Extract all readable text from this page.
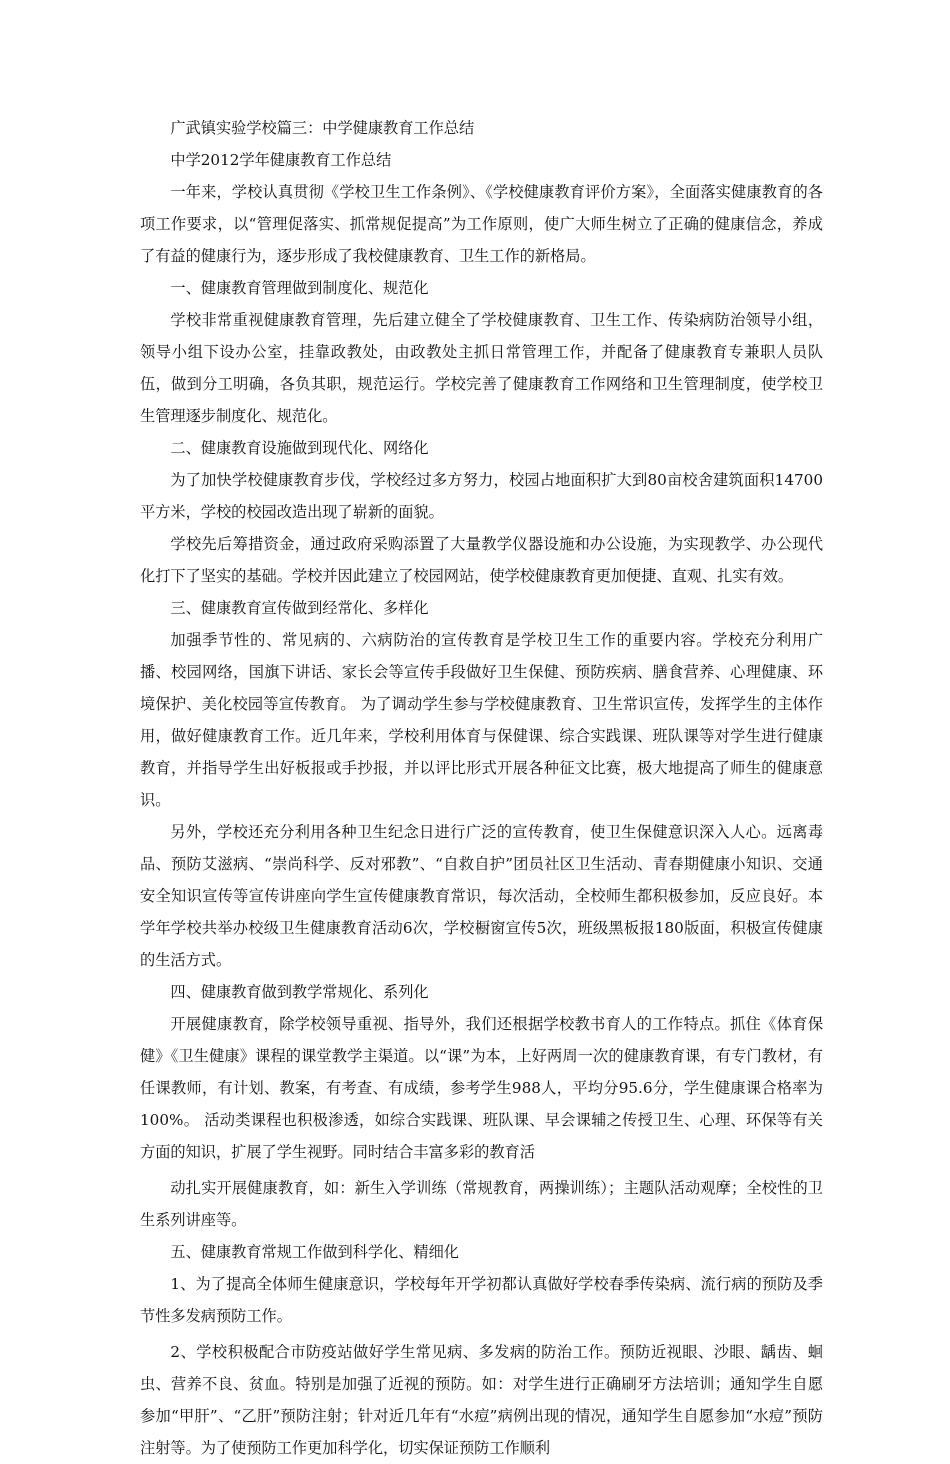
广武镇实验学校篇三：中学健康教育工作总结

中学2012学年健康教育工作总结

一年来，学校认真贯彻《学校卫生工作条例》、《学校健康教育评价方案》，全面落实健康教育的各项工作要求，以“管理促落实、抓常规促提高”为工作原则，使广大师生树立了正确的健康信念，养成了有益的健康行为，逐步形成了我校健康教育、卫生工作的新格局。

一、健康教育管理做到制度化、规范化

学校非常重视健康教育管理，先后建立健全了学校健康教育、卫生工作、传染病防治领导小组，领导小组下设办公室，挂靠政教处，由政教处主抓日常管理工作，并配备了健康教育专兼职人员队伍，做到分工明确，各负其职，规范运行。学校完善了健康教育工作网络和卫生管理制度，使学校卫生管理逐步制度化、规范化。

二、健康教育设施做到现代化、网络化

为了加快学校健康教育步伐，学校经过多方努力，校园占地面积扩大到80亩校舍建筑面积14700平方米，学校的校园改造出现了崭新的面貌。

学校先后筹措资金，通过政府采购添置了大量教学仪器设施和办公设施，为实现教学、办公现代化打下了坚实的基础。学校并因此建立了校园网站，使学校健康教育更加便捷、直观、扎实有效。

三、健康教育宣传做到经常化、多样化

加强季节性的、常见病的、六病防治的宣传教育是学校卫生工作的重要内容。学校充分利用广播、校园网络，国旗下讲话、家长会等宣传手段做好卫生保健、预防疾病、膳食营养、心理健康、环境保护、美化校园等宣传教育。 为了调动学生参与学校健康教育、卫生常识宣传，发挥学生的主体作用，做好健康教育工作。近几年来，学校利用体育与保健课、综合实践课、班队课等对学生进行健康教育，并指导学生出好板报或手抄报，并以评比形式开展各种征文比赛，极大地提高了师生的健康意识。

另外，学校还充分利用各种卫生纪念日进行广泛的宣传教育，使卫生保健意识深入人心。远离毒品、预防艾滋病、“崇尚科学、反对邪教”、“自救自护”团员社区卫生活动、青春期健康小知识、交通安全知识宣传等宣传讲座向学生宣传健康教育常识，每次活动，全校师生都积极参加，反应良好。本学年学校共举办校级卫生健康教育活动6次，学校橱窗宣传5次，班级黑板报180版面，积极宣传健康的生活方式。

四、健康教育做到教学常规化、系列化

开展健康教育，除学校领导重视、指导外，我们还根据学校教书育人的工作特点。抓住《体育保健》《卫生健康》课程的课堂教学主渠道。以“课”为本，上好两周一次的健康教育课，有专门教材，有任课教师，有计划、教案，有考查、有成绩，参考学生988人，平均分95.6分，学生健康课合格率为100%。 活动类课程也积极渗透，如综合实践课、班队课、早会课辅之传授卫生、心理、环保等有关方面的知识，扩展了学生视野。同时结合丰富多彩的教育活

动扎实开展健康教育，如：新生入学训练（常规教育，两操训练）；主题队活动观摩；全校性的卫生系列讲座等。

五、健康教育常规工作做到科学化、精细化

1、为了提高全体师生健康意识，学校每年开学初都认真做好学校春季传染病、流行病的预防及季节性多发病预防工作。

2、学校积极配合市防疫站做好学生常见病、多发病的防治工作。预防近视眼、沙眼、龋齿、蛔虫、营养不良、贫血。特别是加强了近视的预防。如：对学生进行正确刷牙方法培训；通知学生自愿参加“甲肝”、“乙肝”预防注射；针对近几年有“水痘”病例出现的情况，通知学生自愿参加“水痘”预防注射等。为了使预防工作更加科学化，切实保证预防工作顺利
